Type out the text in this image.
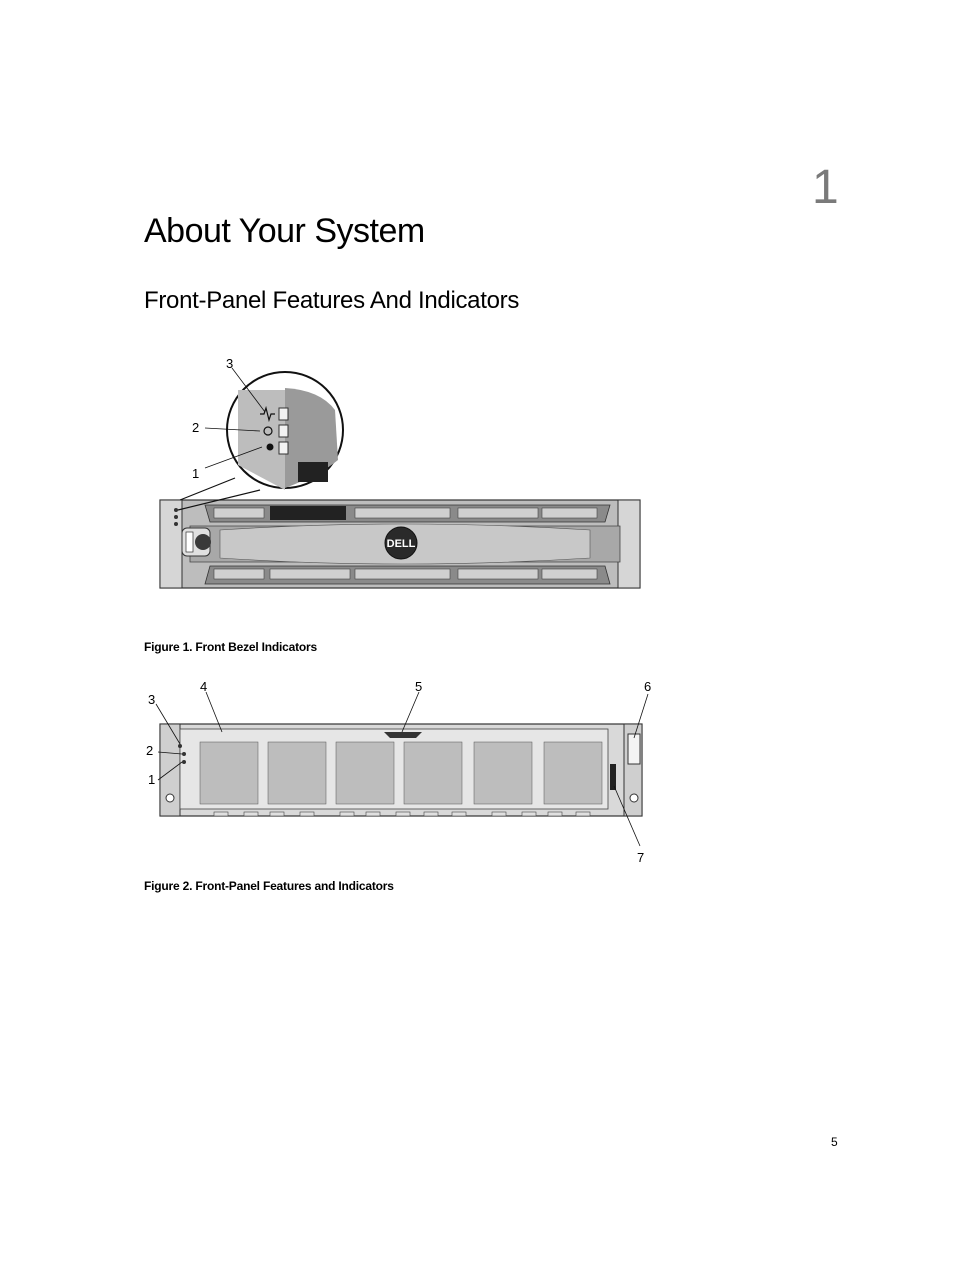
1
About Your System
Front-Panel Features And Indicators
DELL
3
2
1
Figure 1. Front Bezel Indicators
3
4	5	6
2
1
7
Figure 2. Front-Panel Features and Indicators
5
